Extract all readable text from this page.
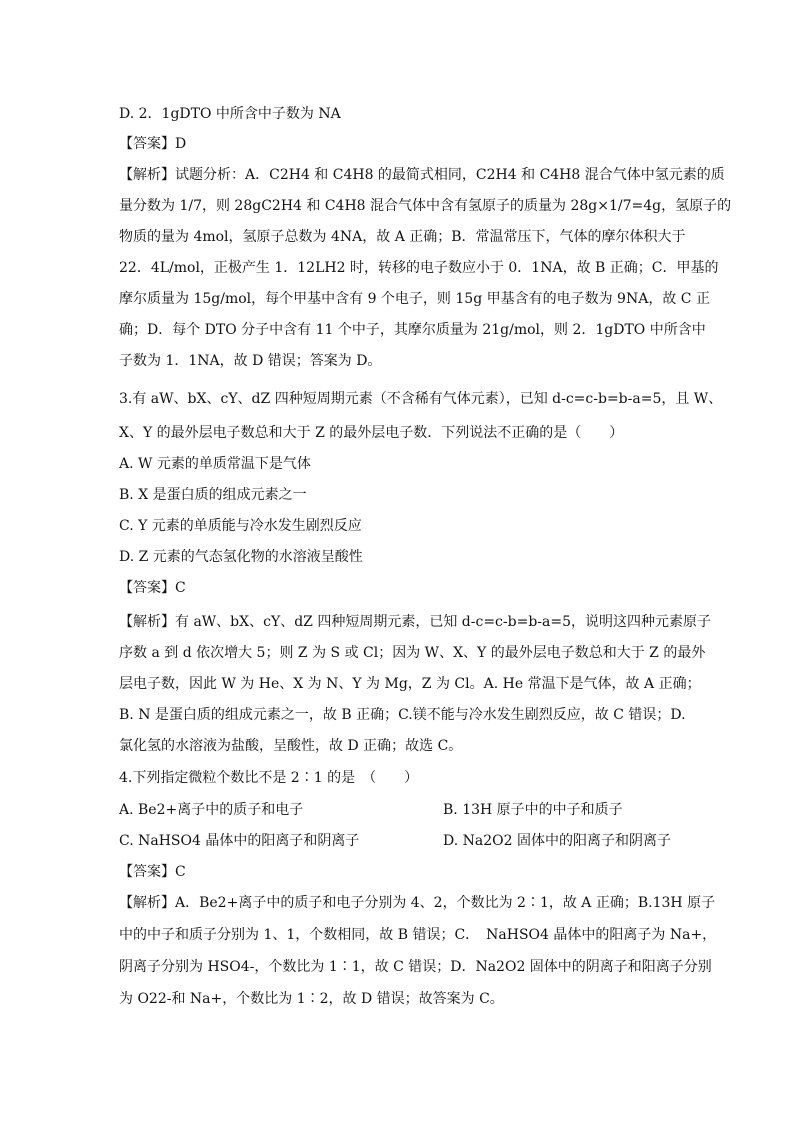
D. 2．1gDTO 中所含中子数为 NA
【答案】D
【解析】试题分析：A．C2H4 和 C4H8 的最简式相同，C2H4 和 C4H8 混合气体中氢元素的质
量分数为 1/7，则 28gC2H4 和 C4H8 混合气体中含有氢原子的质量为 28g×1/7=4g，氢原子的
物质的量为 4mol，氢原子总数为 4NA，故 A 正确；B．常温常压下，气体的摩尔体积大于
22．4L/mol，正极产生 1．12LH2 时，转移的电子数应小于 0．1NA，故 B 正确；C．甲基的
摩尔质量为 15g/mol，每个甲基中含有 9 个电子，则 15g 甲基含有的电子数为 9NA，故 C 正
确；D．每个 DTO 分子中含有 11 个中子，其摩尔质量为 21g/mol，则 2．1gDTO 中所含中
子数为 1．1NA，故 D 错误；答案为 D。
3.有 aW、bX、cY、dZ 四种短周期元素（不含稀有气体元素），已知 d-c=c-b=b-a=5，且 W、
X、Y 的最外层电子数总和大于 Z 的最外层电子数．下列说法不正确的是（　　）
A. W 元素的单质常温下是气体
B. X 是蛋白质的组成元素之一
C. Y 元素的单质能与冷水发生剧烈反应
D. Z 元素的气态氢化物的水溶液呈酸性
【答案】C
【解析】有 aW、bX、cY、dZ 四种短周期元素，已知 d-c=c-b=b-a=5，说明这四种元素原子
序数 a 到 d 依次增大 5；则 Z 为 S 或 Cl；因为 W、X、Y 的最外层电子数总和大于 Z 的最外
层电子数，因此 W 为 He、X 为 N、Y 为 Mg，Z 为 Cl。A. He 常温下是气体，故 A 正确；
B. N 是蛋白质的组成元素之一，故 B 正确；C.镁不能与冷水发生剧烈反应，故 C 错误；D.
氯化氢的水溶液为盐酸，呈酸性，故 D 正确；故选 C。
4.下列指定微粒个数比不是 2∶1 的是　（　　）
A. Be2+离子中的质子和电子	B. 13H 原子中的中子和质子
C. NaHSO4 晶体中的阳离子和阴离子	D. Na2O2 固体中的阳离子和阴离子
【答案】C
【解析】A．Be2+离子中的质子和电子分别为 4、2，个数比为 2∶1，故 A 正确；B.13H 原子
中的中子和质子分别为 1、1，个数相同，故 B 错误；C．　NaHSO4 晶体中的阳离子为 Na+，
阴离子分别为 HSO4-，个数比为 1∶1，故 C 错误；D．Na2O2 固体中的阴离子和阳离子分别
为 O22-和 Na+，个数比为 1∶2，故 D 错误；故答案为 C。
